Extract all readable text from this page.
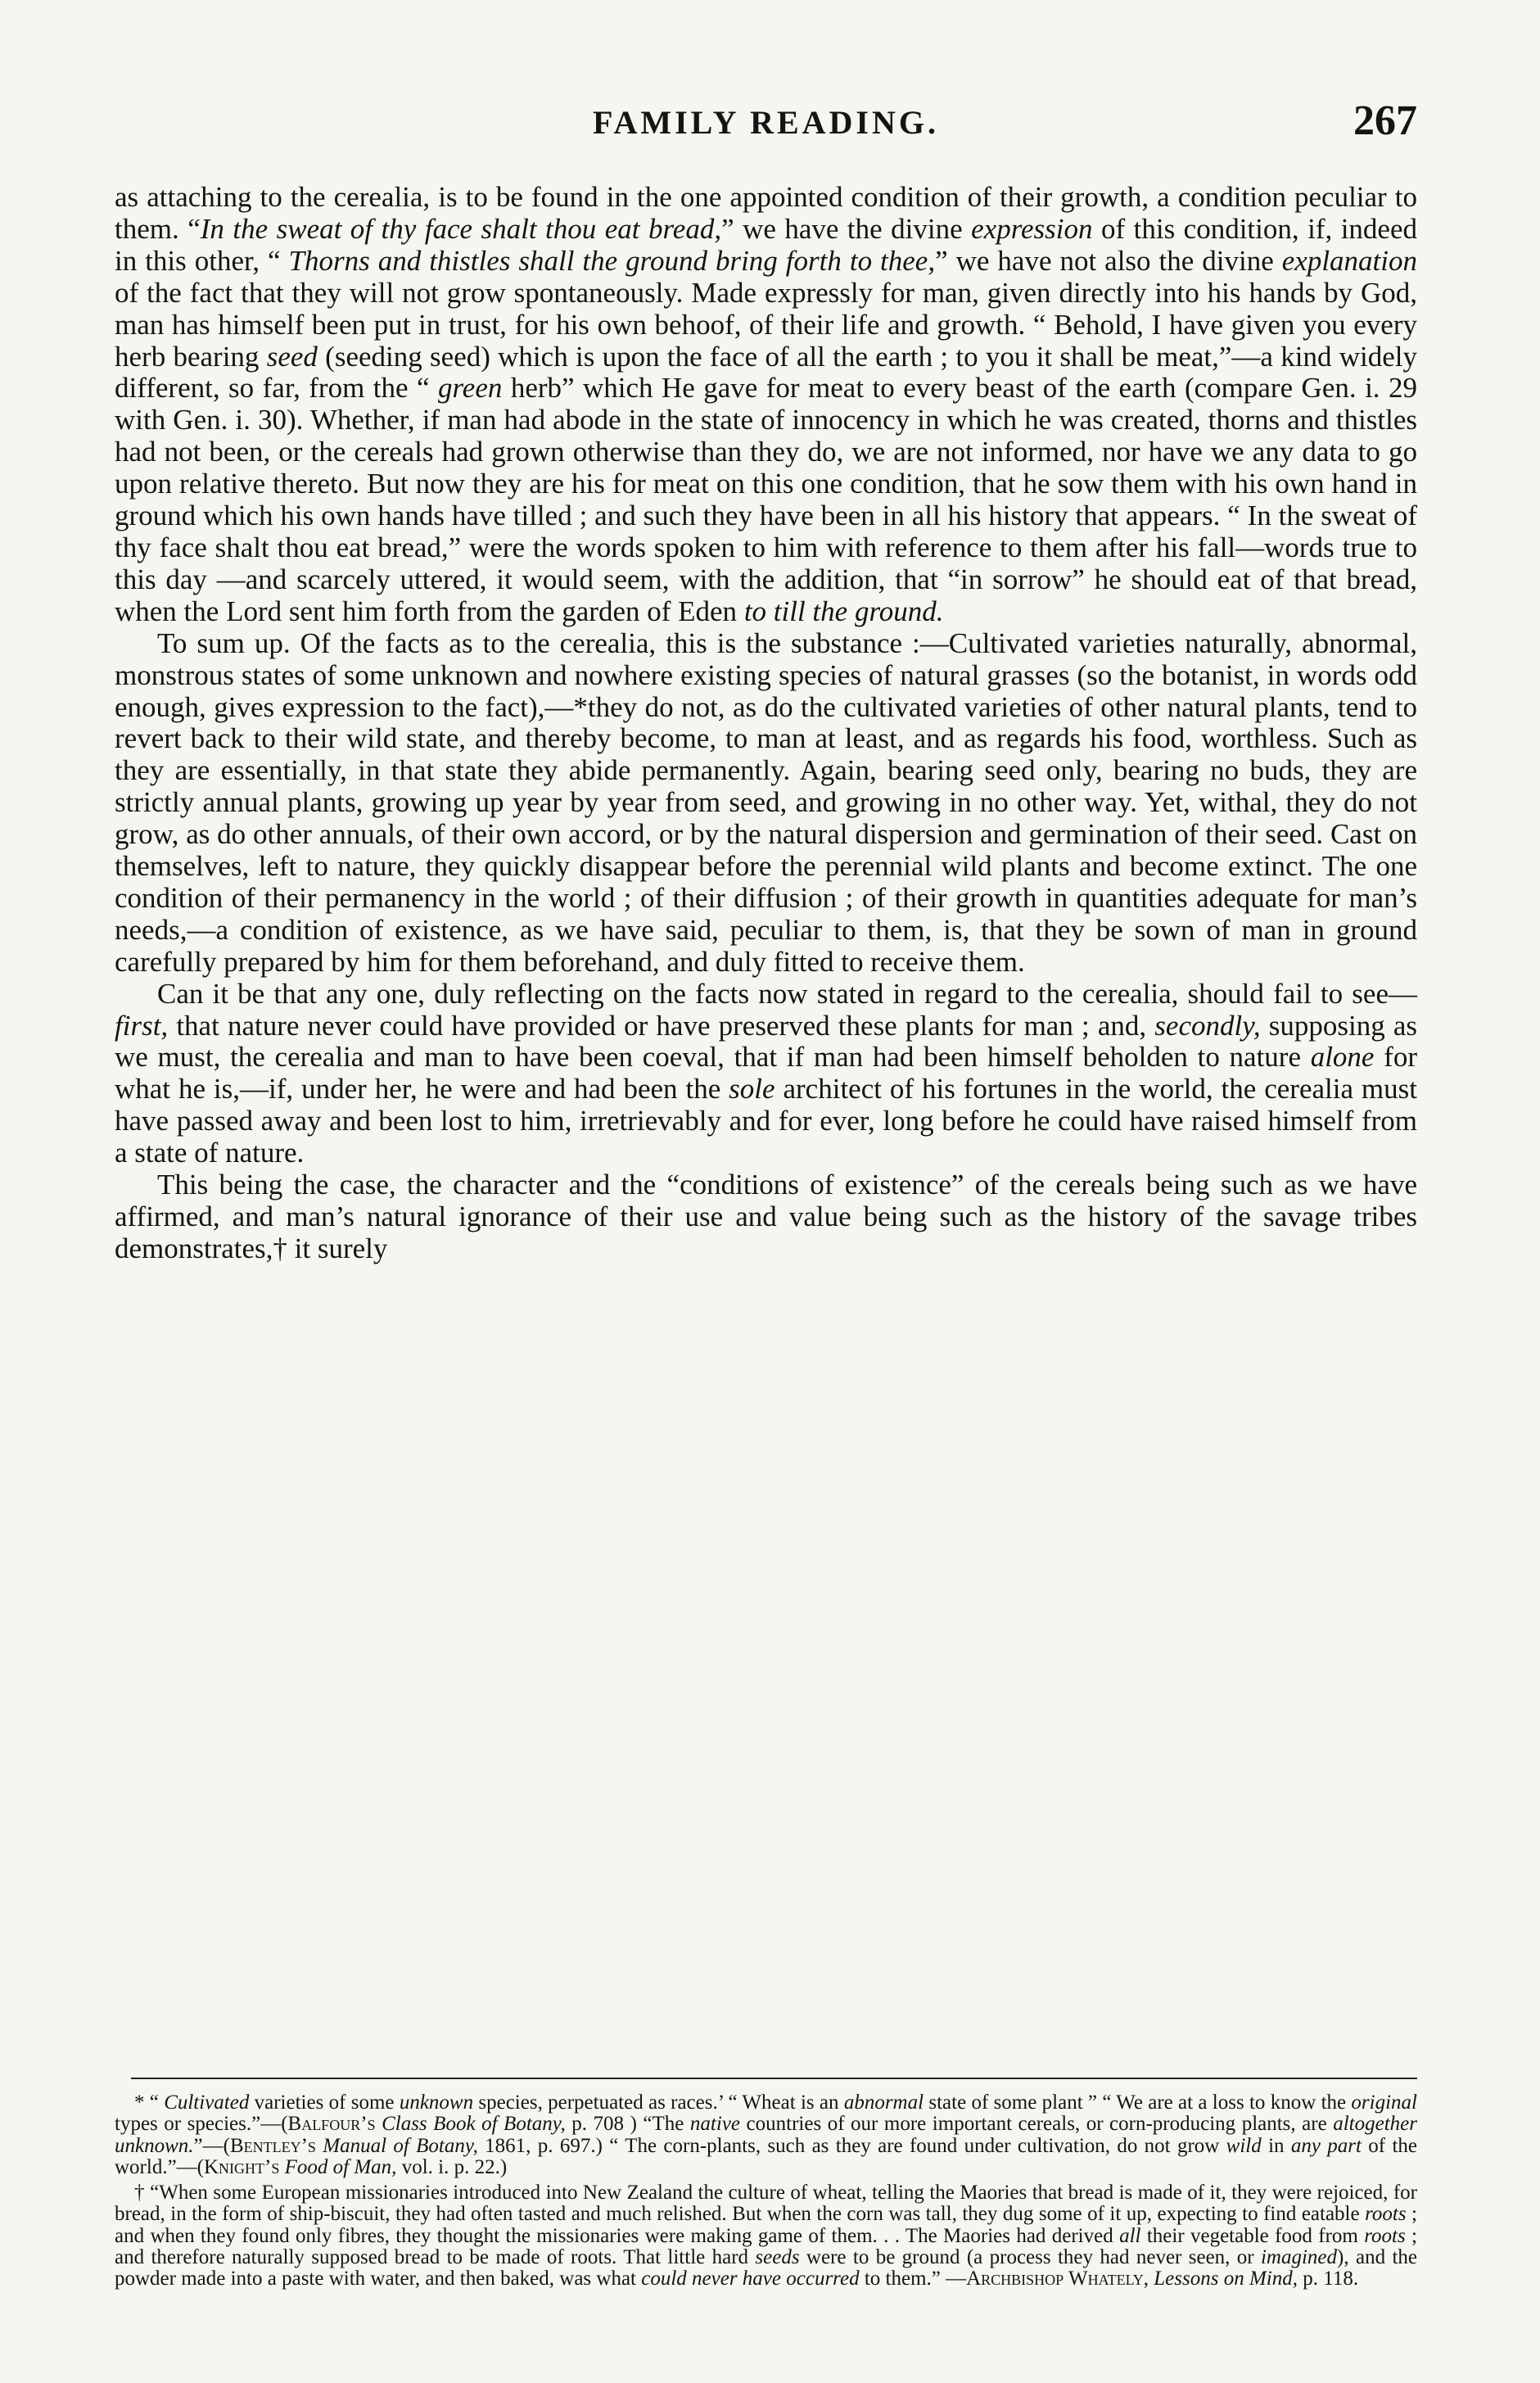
FAMILY READING.	267

as attaching to the cerealia, is to be found in the one appointed condition of their growth, a condition peculiar to them. “In the sweat of thy face shalt thou eat bread,” we have the divine expression of this condition, if, indeed in this other, “ Thorns and thistles shall the ground bring forth to thee,” we have not also the divine explanation of the fact that they will not grow spontaneously. Made expressly for man, given directly into his hands by God, man has himself been put in trust, for his own behoof, of their life and growth. “ Behold, I have given you every herb bearing seed (seeding seed) which is upon the face of all the earth ; to you it shall be meat,”—a kind widely different, so far, from the “ green herb” which He gave for meat to every beast of the earth (compare Gen. i. 29 with Gen. i. 30). Whether, if man had abode in the state of innocency in which he was created, thorns and thistles had not been, or the cereals had grown otherwise than they do, we are not informed, nor have we any data to go upon relative thereto. But now they are his for meat on this one condition, that he sow them with his own hand in ground which his own hands have tilled ; and such they have been in all his history that appears. “ In the sweat of thy face shalt thou eat bread,” were the words spoken to him with reference to them after his fall—words true to this day —and scarcely uttered, it would seem, with the addition, that “in sorrow” he should eat of that bread, when the Lord sent him forth from the garden of Eden to till the ground.

To sum up. Of the facts as to the cerealia, this is the substance :—Cultivated varieties naturally, abnormal, monstrous states of some unknown and nowhere existing species of natural grasses (so the botanist, in words odd enough, gives expression to the fact),—*they do not, as do the cultivated varieties of other natural plants, tend to revert back to their wild state, and thereby become, to man at least, and as regards his food, worthless. Such as they are essentially, in that state they abide permanently. Again, bearing seed only, bearing no buds, they are strictly annual plants, growing up year by year from seed, and growing in no other way. Yet, withal, they do not grow, as do other annuals, of their own accord, or by the natural dispersion and germination of their seed. Cast on themselves, left to nature, they quickly disappear before the perennial wild plants and become extinct. The one condition of their permanency in the world ; of their diffusion ; of their growth in quantities adequate for man’s needs,—a condition of existence, as we have said, peculiar to them, is, that they be sown of man in ground carefully prepared by him for them beforehand, and duly fitted to receive them.

Can it be that any one, duly reflecting on the facts now stated in regard to the cerealia, should fail to see—first, that nature never could have provided or have preserved these plants for man ; and, secondly, supposing as we must, the cerealia and man to have been coeval, that if man had been himself beholden to nature alone for what he is,—if, under her, he were and had been the sole architect of his fortunes in the world, the cerealia must have passed away and been lost to him, irretrievably and for ever, long before he could have raised himself from a state of nature.

This being the case, the character and the “conditions of existence” of the cereals being such as we have affirmed, and man’s natural ignorance of their use and value being such as the history of the savage tribes demonstrates,† it surely

* “ Cultivated varieties of some unknown species, perpetuated as races.’ “ Wheat is an abnormal state of some plant ” “ We are at a loss to know the original types or species.”—(Balfour’s Class Book of Botany, p. 708 ) “The native countries of our more important cereals, or corn-producing plants, are altogether unknown.”—(Bentley’s Manual of Botany, 1861, p. 697.) “ The corn-plants, such as they are found under cultivation, do not grow wild in any part of the world.”—(Knight’s Food of Man, vol. i. p. 22.)

† “When some European missionaries introduced into New Zealand the culture of wheat, telling the Maories that bread is made of it, they were rejoiced, for bread, in the form of ship-biscuit, they had often tasted and much relished. But when the corn was tall, they dug some of it up, expecting to find eatable roots ; and when they found only fibres, they thought the missionaries were making game of them. . . The Maories had derived all their vegetable food from roots ; and therefore naturally supposed bread to be made of roots. That little hard seeds were to be ground (a process they had never seen, or imagined), and the powder made into a paste with water, and then baked, was what could never have occurred to them.” —Archbishop Whately, Lessons on Mind, p. 118.
